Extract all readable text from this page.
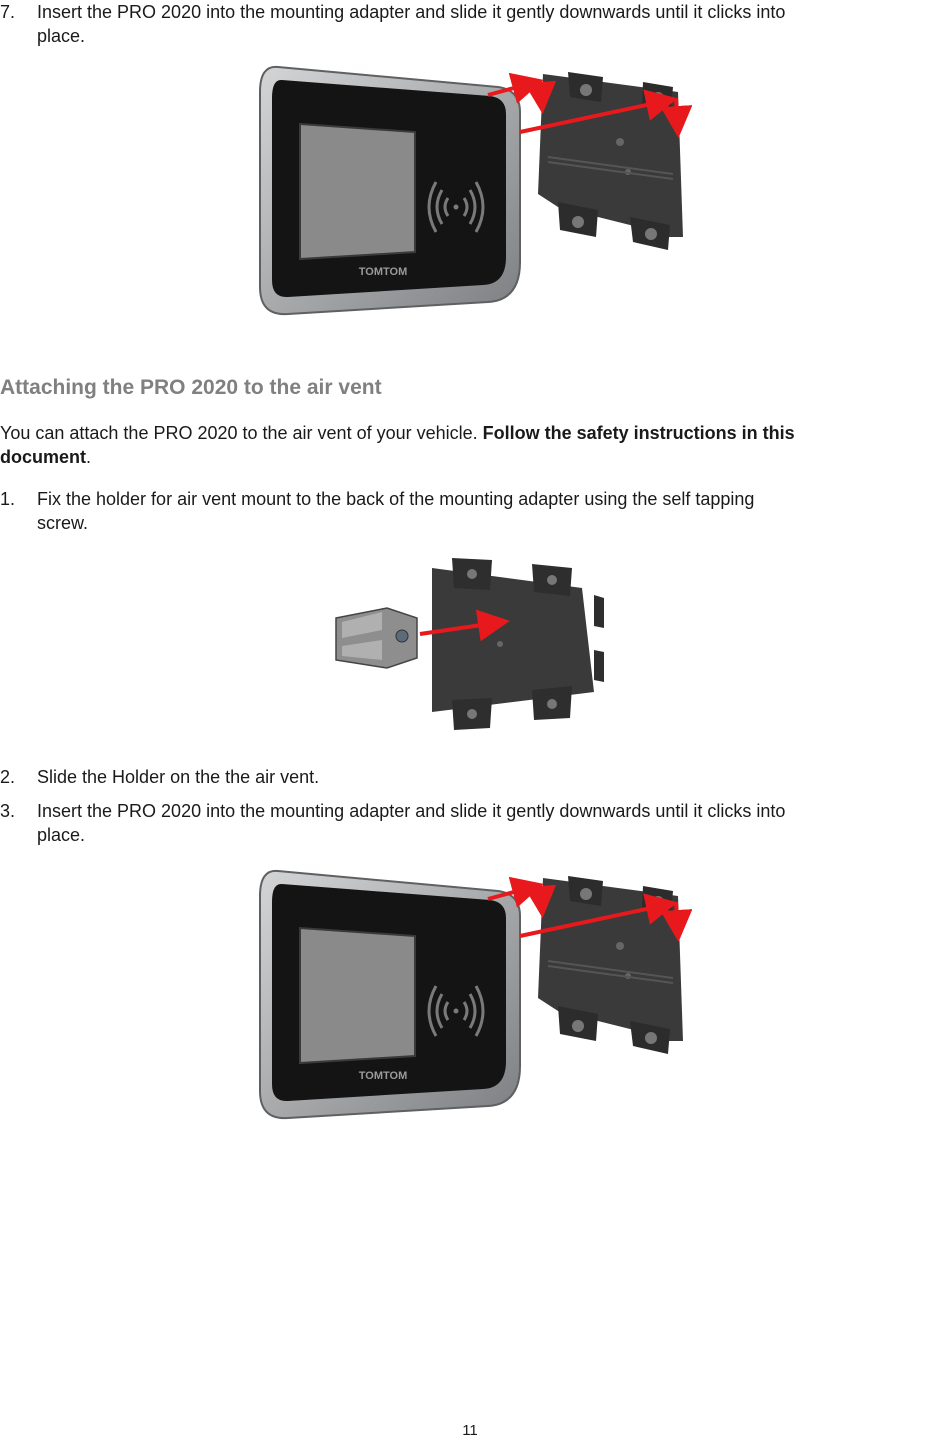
7. Insert the PRO 2020 into the mounting adapter and slide it gently downwards until it clicks into
place.
TOMTOM
Attaching the PRO 2020 to the air vent
You can attach the PRO 2020 to the air vent of your vehicle. Follow the safety instructions in this
document.
1. Fix the holder for air vent mount to the back of the mounting adapter using the self tapping
screw.
2. Slide the Holder on the the air vent.
3. Insert the PRO 2020 into the mounting adapter and slide it gently downwards until it clicks into
place.
TOMTOM
11
